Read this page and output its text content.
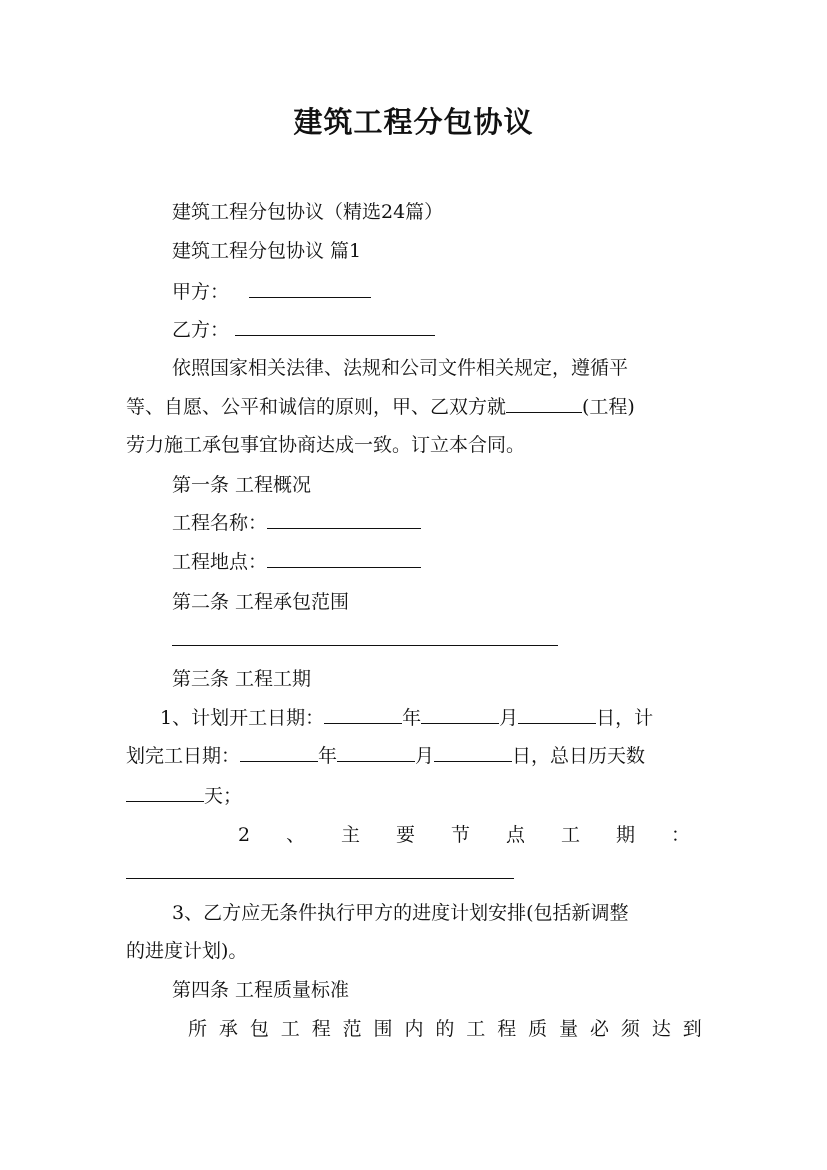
建筑工程分包协议
建筑工程分包协议（精选24篇）
建筑工程分包协议 篇1
甲方：
乙方：
依照国家相关法律、法规和公司文件相关规定，遵循平
等、自愿、公平和诚信的原则，甲、乙双方就	(工程)
劳力施工承包事宜协商达成一致。订立本合同。
第一条 工程概况
工程名称：
工程地点：
第二条 工程承包范围
第三条 工程工期
1、计划开工日期：	年	月	日，计
划完工日期：	年	月	日，总日历天数
天；
2 、 主 要 节 点 工 期 ：
3、乙方应无条件执行甲方的进度计划安排(包括新调整
的进度计划)。
第四条 工程质量标准
所 承 包 工 程 范 围 内 的 工 程 质 量 必 须 达 到
